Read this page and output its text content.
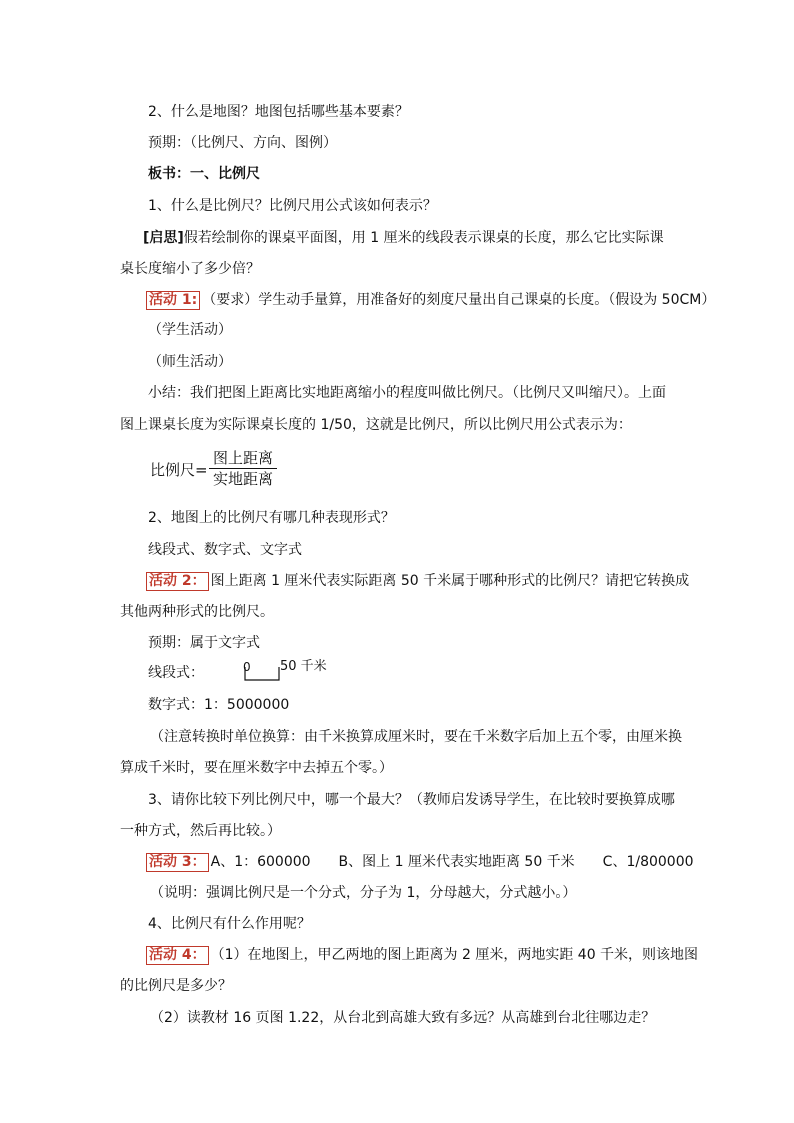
2、什么是地图？地图包括哪些基本要素？
预期：（比例尺、方向、图例）
板书：一、比例尺
1、什么是比例尺？比例尺用公式该如何表示？
[启思]假若绘制你的课桌平面图，用 1 厘米的线段表示课桌的长度，那么它比实际课
桌长度缩小了多少倍？
活动 1: （要求）学生动手量算，用准备好的刻度尺量出自己课桌的长度。（假设为 50CM）
（学生活动）
（师生活动）
小结：我们把图上距离比实地距离缩小的程度叫做比例尺。（比例尺又叫缩尺）。上面
图上课桌长度为实际课桌长度的 1/50，这就是比例尺，所以比例尺用公式表示为：
比例尺=
图上距离
实地距离
2、地图上的比例尺有哪几种表现形式？
线段式、数字式、文字式
活动 2： 图上距离 1 厘米代表实际距离 50 千米属于哪种形式的比例尺？请把它转换成
其他两种形式的比例尺。
预期：属于文字式
线段式：	0 50 千米
数字式：1：5000000
（注意转换时单位换算：由千米换算成厘米时，要在千米数字后加上五个零，由厘米换
算成千米时，要在厘米数字中去掉五个零。）
3、请你比较下列比例尺中，哪一个最大？（教师启发诱导学生，在比较时要换算成哪
一种方式，然后再比较。）
活动 3： A、1：600000　　B、图上 1 厘米代表实地距离 50 千米　　C、1/800000
（说明：强调比例尺是一个分式，分子为 1，分母越大，分式越小。）
4、比例尺有什么作用呢？
活动 4： （1）在地图上，甲乙两地的图上距离为 2 厘米，两地实距 40 千米，则该地图
的比例尺是多少？
（2）读教材 16 页图 1.22，从台北到高雄大致有多远？从高雄到台北往哪边走？
